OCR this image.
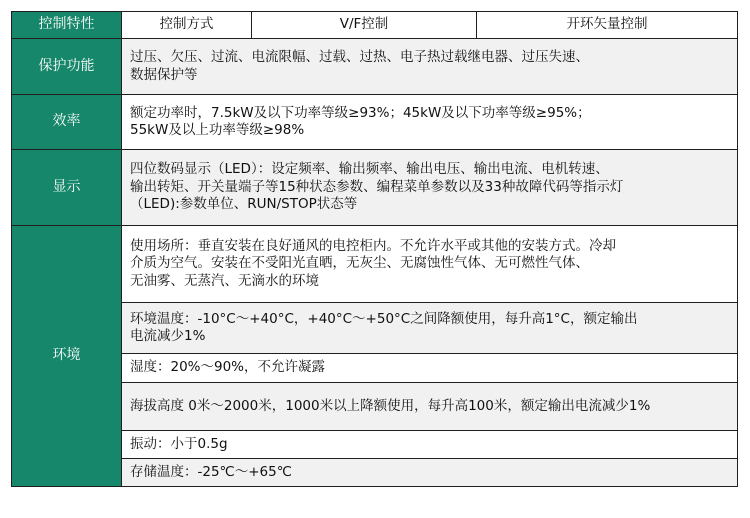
控制特性	控制方式	V/F控制	开环矢量控制
保护功能	过压、欠压、过流、电流限幅、过载、过热、电子热过载继电器、过压失速、
数据保护等		

效率	额定功率时，7.5kW及以下功率等级≥93%；45kW及以下功率等级≥95%；
55kW及以上功率等级≥98%		

显示	四位数码显示（LED）：设定频率、输出频率、输出电压、输出电流、电机转速、
输出转矩、开关量端子等15种状态参数、编程菜单参数以及33种故障代码等指示灯
（LED):参数单位、RUN/STOP状态等		

环境	使用场所：垂直安装在良好通风的电控柜内。不允许水平或其他的安装方式。冷却
介质为空气。安装在不受阳光直晒，无灰尘、无腐蚀性气体、无可燃性气体、
无油雾、无蒸汽、无滴水的环境		

	环境温度：-10°C～+40°C，+40°C～+50°C之间降额使用，每升高1°C，额定输出
电流减少1%		

	湿度：20%～90%，不允许凝露		
	海拔高度 0米～2000米，1000米以上降额使用，每升高100米，额定输出电流减少1%		
	振动：小于0.5g		
	存储温度：-25℃～+65℃		
